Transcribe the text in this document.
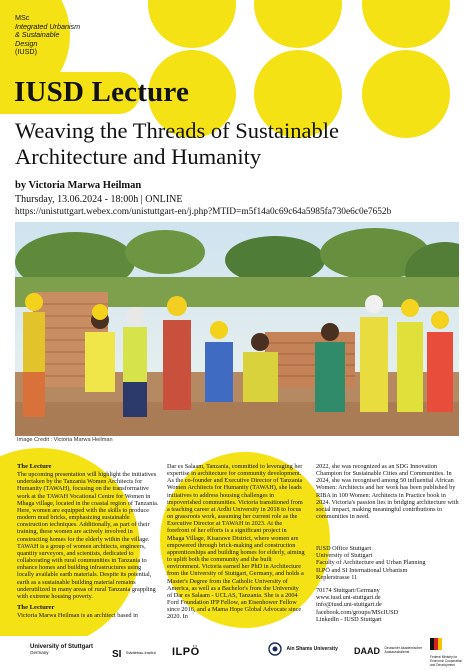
MSc
Integrated Urbanism
& Sustainable
Design
(IUSD)
IUSD Lecture
Weaving the Threads of Sustainable
Architecture and Humanity
by Victoria Marwa Heilman
Thursday, 13.06.2024 - 18:00h | ONLINE
https://unistuttgart.webex.com/unistuttgart-en/j.php?MTID=m5f14a0c69c64a5985fa730e6c0e7652b
Image Credit : Victoria Marwa Heilman
The Lecture

The upcoming presentation will highlight the initiatives undertaken by the Tanzania Women Architects for Humanity (TAWAH), focusing on the transformative work at the TAWAH Vocational Centre for Women in Mhaga village, located in the coastal region of Tanzania. Here, women are equipped with the skills to produce modern mud bricks, emphasizing sustainable construction techniques. Additionally, as part of their training, these women are actively involved in constructing homes for the elderly within the village. TAWAH is a group of women architects, engineers, quantity surveyors, and scientists, dedicated to collaborating with rural communities in Tanzania to enhance homes and building infrastructures using locally available earth materials. Despite its potential, earth as a sustainable building material remains underutilized in many areas of rural Tanzania grappling with extreme housing poverty.

The Lecturer

Victoria Marwa Heilman is an architect based in

Dar es Salaam, Tanzania, committed to leveraging her expertise in architecture for community development. As the co-founder and Executive Director of Tanzania Women Architects for Humanity (TAWAH), she leads initiatives to address housing challenges in impoverished communities. Victoria transitioned from a teaching career at Ardhi University in 2018 to focus on grassroots work, assuming her current role as the Executive Director at TAWAH in 2023. At the forefront of her efforts is a significant project in Mhaga Village, Kisarawe District, where women are empowered through brick-making and construction apprenticeships and building homes for elderly, aiming to uplift both the community and the built environment. Victoria earned her PhD in Architecture from the University of Stuttgart, Germany, and holds a Master's Degree from the Catholic University of America, as well as a Bachelor's from the University of Dar es Salaam - UCLAS, Tanzania. She is a 2004 Ford Foundation IFP Fellow, an Eisenhower Fellow since 2016, and a Mama Hope Global Advocate since 2020. In

2022, she was recognized as an SDG Innovation Champion for Sustainable Cities and Communities. In 2024, she was recognised among 50 influential African Women: Architects and her work has been published by RIBA in 100 Women: Architects in Practice book in 2024. Victoria's passion lies in bridging architecture with social impact, making meaningful contributions to communities in need.

IUSD Office Stuttgart
University of Stuttgart
Faculty of Architecture and Urban Planning
ILPÖ and SI International Urbanism
Keplerstrasse 11
70174 Stuttgart/Germany
www.iusd.uni-stuttgart.de
info@iusd.uni-stuttgart.de
facebook.com/groups/MScIUSD
LinkedIn - IUSD Stuttgart
University of Stuttgart
Germany	SI Städtebau-Institut	ILPÖ	Ain Shams University DAAD Deutscher Akademischer Austauschdienst
Federal Ministry for Economic Cooperation and Development
